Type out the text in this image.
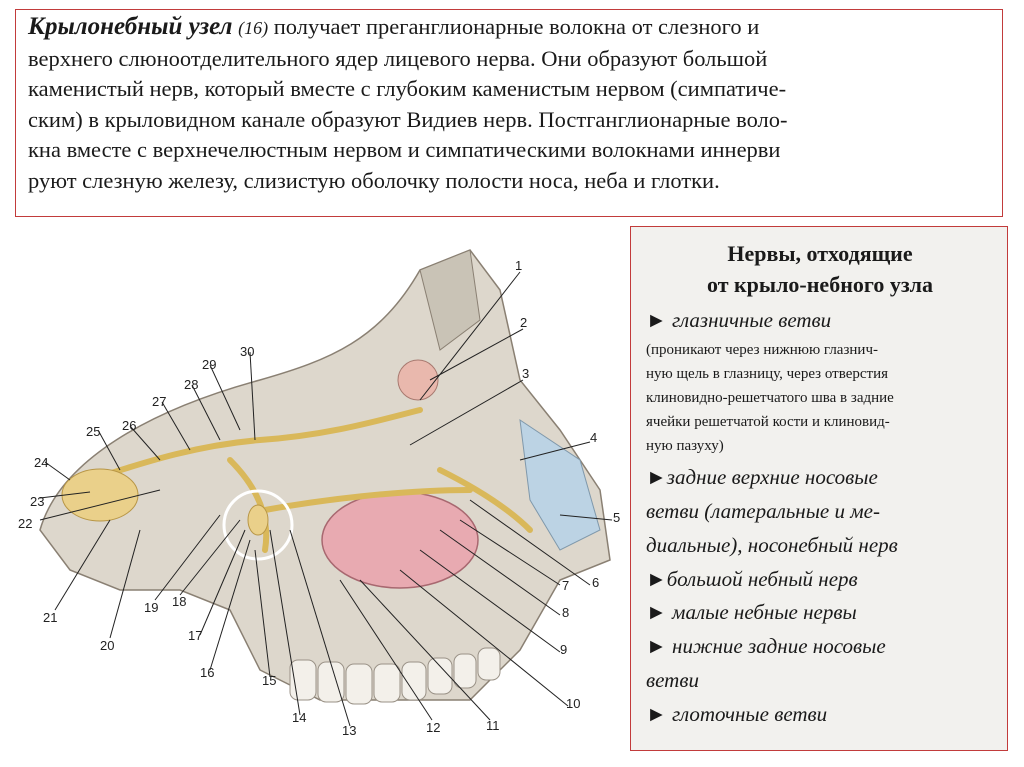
Крылонебный узел (16) получает преганглионарные волокна от слезного и
верхнего слюноотделительного ядер лицевого нерва. Они образуют большой
каменистый нерв, который вместе с глубоким каменистым нервом (симпатиче-
ским) в крыловидном канале образуют Видиев нерв. Постганглионарные воло-
кна вместе с верхнечелюстным нервом и симпатическими волокнами иннерви
руют слезную железу, слизистую оболочку полости носа, неба и глотки.
1
2
3
4
5
6
7
8
9
10
11
12
13
14
15
16
17
18
19
20
21
22
23
24
25 26
27
28
29
30
Нервы, отходящие
от крыло-небного узла
► глазничные ветви
(проникают через нижнюю глазнич-
ную щель в глазницу, через отверстия
клиновидно-решетчатого шва в задние
ячейки решетчатой кости и клиновид-
ную пазуху)
►задние верхние носовые
ветви (латеральные и ме-
диальные), носонебный нерв
►большой небный нерв
► малые небные нервы
► нижние задние носовые
ветви
► глоточные ветви
